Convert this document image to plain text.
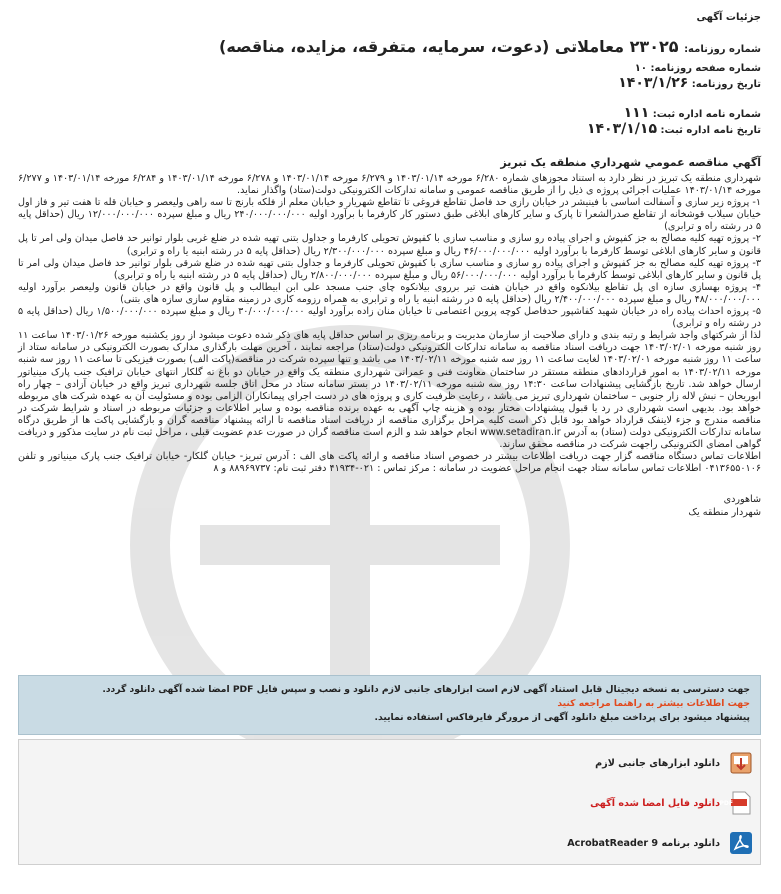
جزئیات آگهی
شماره روزنامه: ۲۳۰۲۵ معاملاتی (دعوت، سرمایه، متفرقه، مزایده، مناقصه)
شماره صفحه روزنامه: ۱۰
تاریخ روزنامه: ۱۴۰۳/۱/۲۶
شماره نامه اداره ثبت: ۱۱۱
تاریخ نامه اداره ثبت: ۱۴۰۳/۱/۱۵
آگهي مناقصه عمومي شهرداري منطقه يک تبريز

شهرداری منطقه یک تبریز در نظر دارد به استناد مجوزهای شماره ۶/۲۸۰ مورخه ۱۴۰۳/۰۱/۱۴ و ۶/۲۷۹ مورخه ۱۴۰۳/۰۱/۱۴ و ۶/۲۷۸ مورخه ۱۴۰۳/۰۱/۱۴ و ۶/۲۸۴ مورخه ۱۴۰۳/۰۱/۱۴ و ۶/۲۷۷ مورخه ۱۴۰۳/۰۱/۱۴ عملیات اجرائی پروژه ی ذیل را از طریق مناقصه عمومی و سامانه تدارکات الکترونیکی دولت(ستاد) واگذار نماید.

۱- پروژه زیر سازی و آسفالت اساسی با فینیشر در خیابان رازی حد فاصل تقاطع فروغی تا تقاطع شهریار و خیابان معلم از فلکه بارنج تا سه راهی ولیعصر و خیابان قله تا هفت تیر و فاز اول خیابان سیلاب قوشخانه از تقاطع صدرالشعرا تا پارک و سایر کارهای ابلاغی طبق دستور کار کارفرما با برآورد اولیه ۲۴۰/۰۰۰/۰۰۰/۰۰۰ ریال و مبلغ سپرده ۱۲/۰۰۰/۰۰۰/۰۰۰ ریال (حداقل پایه ۵ در رشته راه و ترابری)

۲- پروژه تهیه کلیه مصالح به جز کفپوش و اجرای پیاده رو سازی و مناسب سازی با کفپوش تحویلی کارفرما و جداول بتنی تهیه شده در ضلع غربی بلوار توانیر حد فاصل میدان ولی امر تا پل قانون و سایر کارهای ابلاغی توسط کارفرما با برآورد اولیه ۴۶/۰۰۰/۰۰۰/۰۰۰ ریال و مبلغ سپرده ۲/۳۰۰/۰۰۰/۰۰۰ ریال (حداقل پایه ۵ در رشته ابنیه یا راه و ترابری)

۳- پروژه تهیه کلیه مصالح به جز کفپوش و اجرای پیاده رو سازی و مناسب سازی با کفپوش تحویلی کارفرما و جداول بتنی تهیه شده در ضلع شرقی بلوار توانیر حد فاصل میدان ولی امر تا پل قانون و سایر کارهای ابلاغی توسط کارفرما با برآورد اولیه ۵۶/۰۰۰/۰۰۰/۰۰۰ ریال و مبلغ سپرده ۲/۸۰۰/۰۰۰/۰۰۰ ریال (حداقل پایه ۵ در رشته ابنیه یا راه و ترابری)

۴- پروژه بهسازی سازه ای پل تقاطع بیلانکوه واقع در خیابان هفت تیر برروی بیلانکوه چای جنب مسجد علی ابن ابیطالب و پل قانون واقع در خیابان قانون ولیعصر برآورد اولیه ۴۸/۰۰۰/۰۰۰/۰۰۰ ریال و مبلغ سپرده ۲/۴۰۰/۰۰۰/۰۰۰ ریال (حداقل پایه ۵ در رشته ابنیه یا راه و ترابری به همراه رزومه کاری در زمینه مقاوم سازی سازه های بتنی)

۵- پروژه احداث پیاده راه در خیابان شهید کفاشپور حدفاصل کوچه پروین اعتصامی تا خیابان منان زاده برآورد اولیه ۳۰/۰۰۰/۰۰۰/۰۰۰ ریال و مبلغ سپرده ۱/۵۰۰/۰۰۰/۰۰۰ ریال (حداقل پایه ۵ در رشته راه و ترابری)

لذا از شرکتهای واجد شرایط و رتبه بندی و دارای صلاحیت از سازمان مدیریت و برنامه ریزی بر اساس حداقل پایه های ذکر شده دعوت میشود از روز یکشنبه مورخه ۱۴۰۳/۰۱/۲۶ ساعت ۱۱ روز شنبه مورخه ۱۴۰۳/۰۲/۰۱ جهت دریافت اسناد مناقصه به سامانه تدارکات الکترونیکی دولت(ستاد) مراجعه نمایند ، آخرین مهلت بارگذاری مدارک بصورت الکترونیکی در سامانه ستاد از ساعت ۱۱ روز شنبه مورخه ۱۴۰۳/۰۲/۰۱ لغایت ساعت ۱۱ روز سه شنبه مورخه ۱۴۰۳/۰۲/۱۱ می باشد و تنها سپرده شرکت در مناقصه(پاکت الف) بصورت فیزیکی تا ساعت ۱۱ روز سه شنبه مورخه ۱۴۰۳/۰۲/۱۱ به امور قراردادهای منطقه مستقر در ساختمان معاونت فنی و عمرانی شهرداری منطقه یک واقع در خیابان دو باغ ته گلکار انتهای خیابان ترافیک جنب پارک مینیاتور ارسال خواهد شد. تاریخ بازگشایی پیشنهادات ساعت ۱۴:۳۰ روز سه شنبه مورخه ۱۴۰۳/۰۲/۱۱ در بستر سامانه ستاد در محل اتاق جلسه شهرداری تبریز واقع در خیابان آزادی – چهار راه ابوریحان – نبش لاله زار جنوبی – ساختمان شهرداری تبریز می باشد ، رعایت ظرفیت کاری و پروژه های در دست اجرای پیمانکاران الزامی بوده و مسئولیت آن به عهده شرکت های مربوطه خواهد بود. بدیهی است شهرداری در رد یا قبول پیشنهادات مختار بوده و هزینه چاپ آگهی به عهده برنده مناقصه بوده و سایر اطلاعات و جزئیات مربوطه در اسناد و شرایط شرکت در مناقصه مندرج و جزء لاینفک قرارداد خواهد بود قابل ذکر است کلیه مراحل برگزاری مناقصه از دریافت اسناد مناقصه تا ارائه پیشنهاد مناقصه گران و بازگشایی پاکت ها از طریق درگاه سامانه تدارکات الکترونیکی دولت (ستاد) به آدرس www.setadiran.ir انجام خواهد شد و الزم است مناقصه گران در صورت عدم عضویت قبلی ، مراحل ثبت نام در سایت مذکور و دریافت گواهی امضای الکترونیکی راجهت شرکت در مناقصه محقق سازند.

اطلاعات تماس دستگاه مناقصه گزار جهت دریافت اطلاعات بیشتر در خصوص اسناد مناقصه و ارائه پاکت های الف : آدرس تبریز- خیابان گلکار- خیابان ترافیک جنب پارک مینیاتور و تلفن ۰۴۱۳۶۵۵۰۱۰۶ اطلاعات تماس سامانه ستاد جهت انجام مراحل عضویت در سامانه : مرکز تماس : ۰۲۱-۴۱۹۳۴ دفتر ثبت نام: ۸۸۹۶۹۷۳۷ و ۸

شاهوردی
شهردار منطقه یک
جهت دسترسی به نسخه دیجیتال قابل استناد آگهی لازم است ابزارهای جانبی لازم دانلود و نصب و سپس فایل PDF امضا شده آگهی دانلود گردد.
جهت اطلاعات بیشتر به راهنما مراجعه کنید
پیشنهاد میشود برای پرداخت مبلغ دانلود آگهی از مرورگر فایرفاکس استفاده نمایید.
دانلود ابزارهای جانبی لازم
PDF
دانلود فایل امضا شده آگهی
دانلود برنامه AcrobatReader 9
